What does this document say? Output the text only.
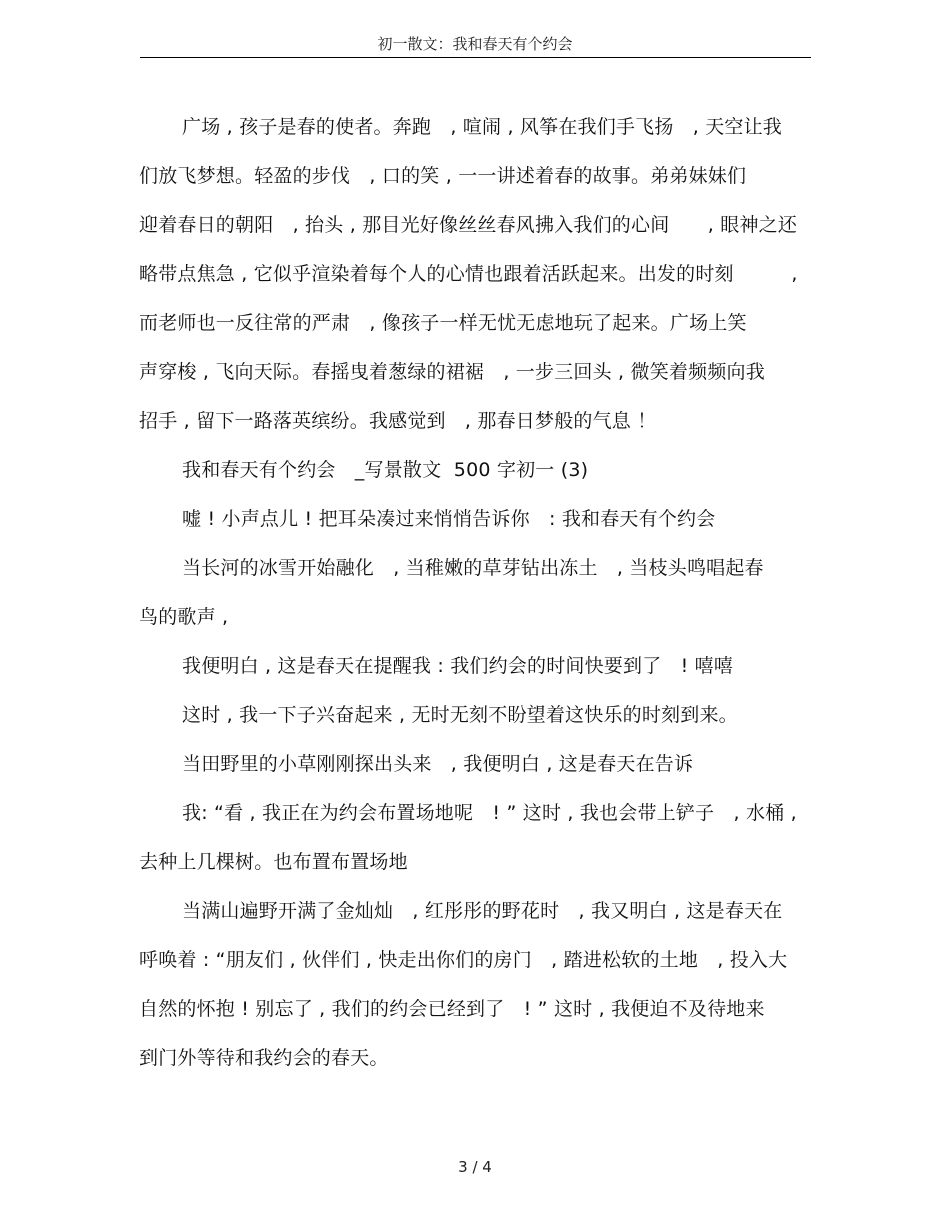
初一散文：我和春天有个约会
广场 , 孩子是春的使者。奔跑　, 喧闹 , 风筝在我们手飞扬　, 天空让我
们放飞梦想。轻盈的步伐　, 口的笑 , 一一讲述着春的故事。弟弟妹妹们
迎着春日的朝阳　, 抬头 , 那目光好像丝丝春风拂入我们的心间　　, 眼神之还
略带点焦急 , 它似乎渲染着每个人的心情也跟着活跃起来。出发的时刻　　　,
而老师也一反往常的严肃　, 像孩子一样无忧无虑地玩了起来。广场上笑
声穿梭 , 飞向天际。春摇曳着葱绿的裙裾　, 一步三回头 , 微笑着频频向我
招手 , 留下一路落英缤纷。我感觉到　, 那春日梦般的气息 ！
我和春天有个约会　_写景散文  500 字初一 (3)
嘘 ! 小声点儿 ! 把耳朵凑过来悄悄告诉你　: 我和春天有个约会
当长河的冰雪开始融化　, 当稚嫩的草芽钻出冻土　, 当枝头鸣唱起春
鸟的歌声 ,
我便明白 , 这是春天在提醒我 : 我们约会的时间快要到了　! 嘻嘻
这时 , 我一下子兴奋起来 , 无时无刻不盼望着这快乐的时刻到来。
当田野里的小草刚刚探出头来　, 我便明白 , 这是春天在告诉
我: “看 , 我正在为约会布置场地呢　! ” 这时 , 我也会带上铲子　, 水桶 ,
去种上几棵树。也布置布置场地
当满山遍野开满了金灿灿　, 红彤彤的野花时　, 我又明白 , 这是春天在
呼唤着 : “朋友们 , 伙伴们 , 快走出你们的房门　, 踏进松软的土地　, 投入大
自然的怀抱 ! 别忘了 , 我们的约会已经到了　! ” 这时 , 我便迫不及待地来
到门外等待和我约会的春天。
3 / 4
